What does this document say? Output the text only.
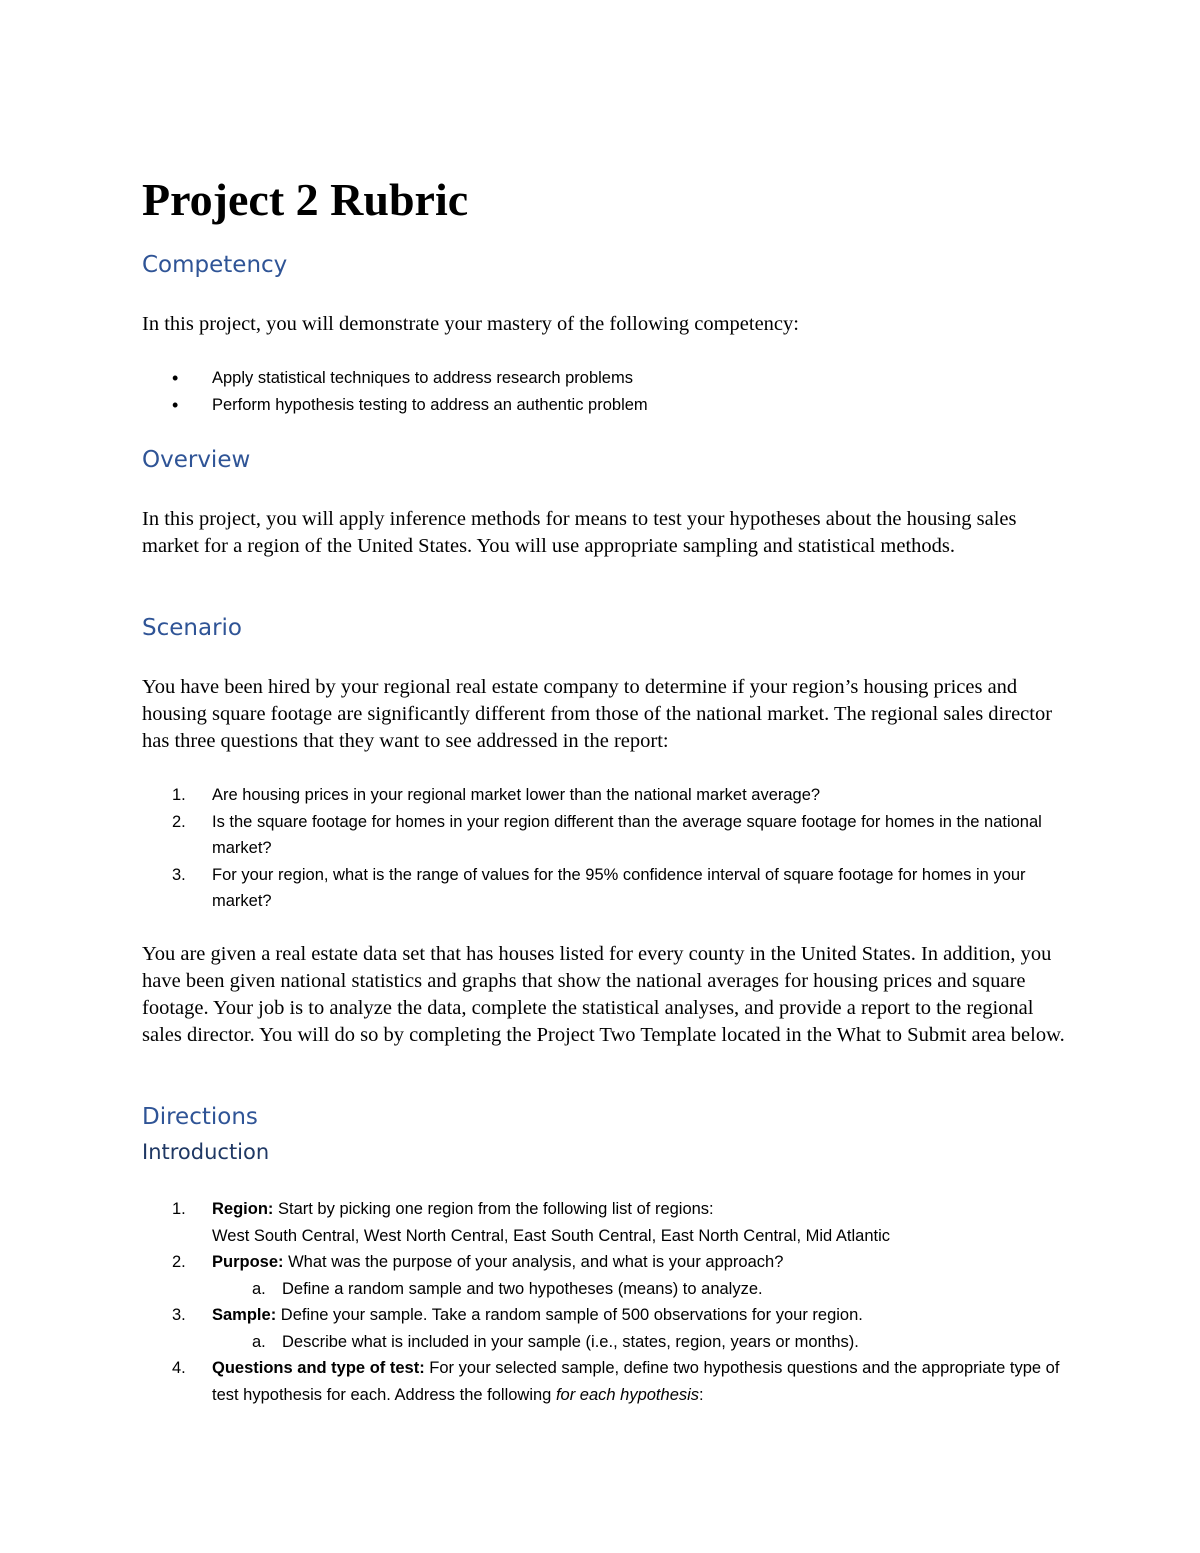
Project 2 Rubric
Competency

In this project, you will demonstrate your mastery of the following competency:

•	Apply statistical techniques to address research problems
•	Perform hypothesis testing to address an authentic problem
Overview

In this project, you will apply inference methods for means to test your hypotheses about the housing sales market for a region of the United States. You will use appropriate sampling and statistical methods.

Scenario

You have been hired by your regional real estate company to determine if your region’s housing prices and housing square footage are significantly different from those of the national market. The regional sales director has three questions that they want to see addressed in the report:

1.	Are housing prices in your regional market lower than the national market average?
2.	Is the square footage for homes in your region different than the average square footage for homes in the national market?
3.	For your region, what is the range of values for the 95% confidence interval of square footage for homes in your market?

You are given a real estate data set that has houses listed for every county in the United States. In addition, you have been given national statistics and graphs that show the national averages for housing prices and square footage. Your job is to analyze the data, complete the statistical analyses, and provide a report to the regional sales director. You will do so by completing the Project Two Template located in the What to Submit area below.

Directions
Introduction
1.	Region: Start by picking one region from the following list of regions:
West South Central, West North Central, East South Central, East North Central, Mid Atlantic
2.	Purpose: What was the purpose of your analysis, and what is your approach?
a. Define a random sample and two hypotheses (means) to analyze.
3.	Sample: Define your sample. Take a random sample of 500 observations for your region.
a. Describe what is included in your sample (i.e., states, region, years or months).
4.	Questions and type of test: For your selected sample, define two hypothesis questions and the appropriate type of test hypothesis for each. Address the following for each hypothesis:
